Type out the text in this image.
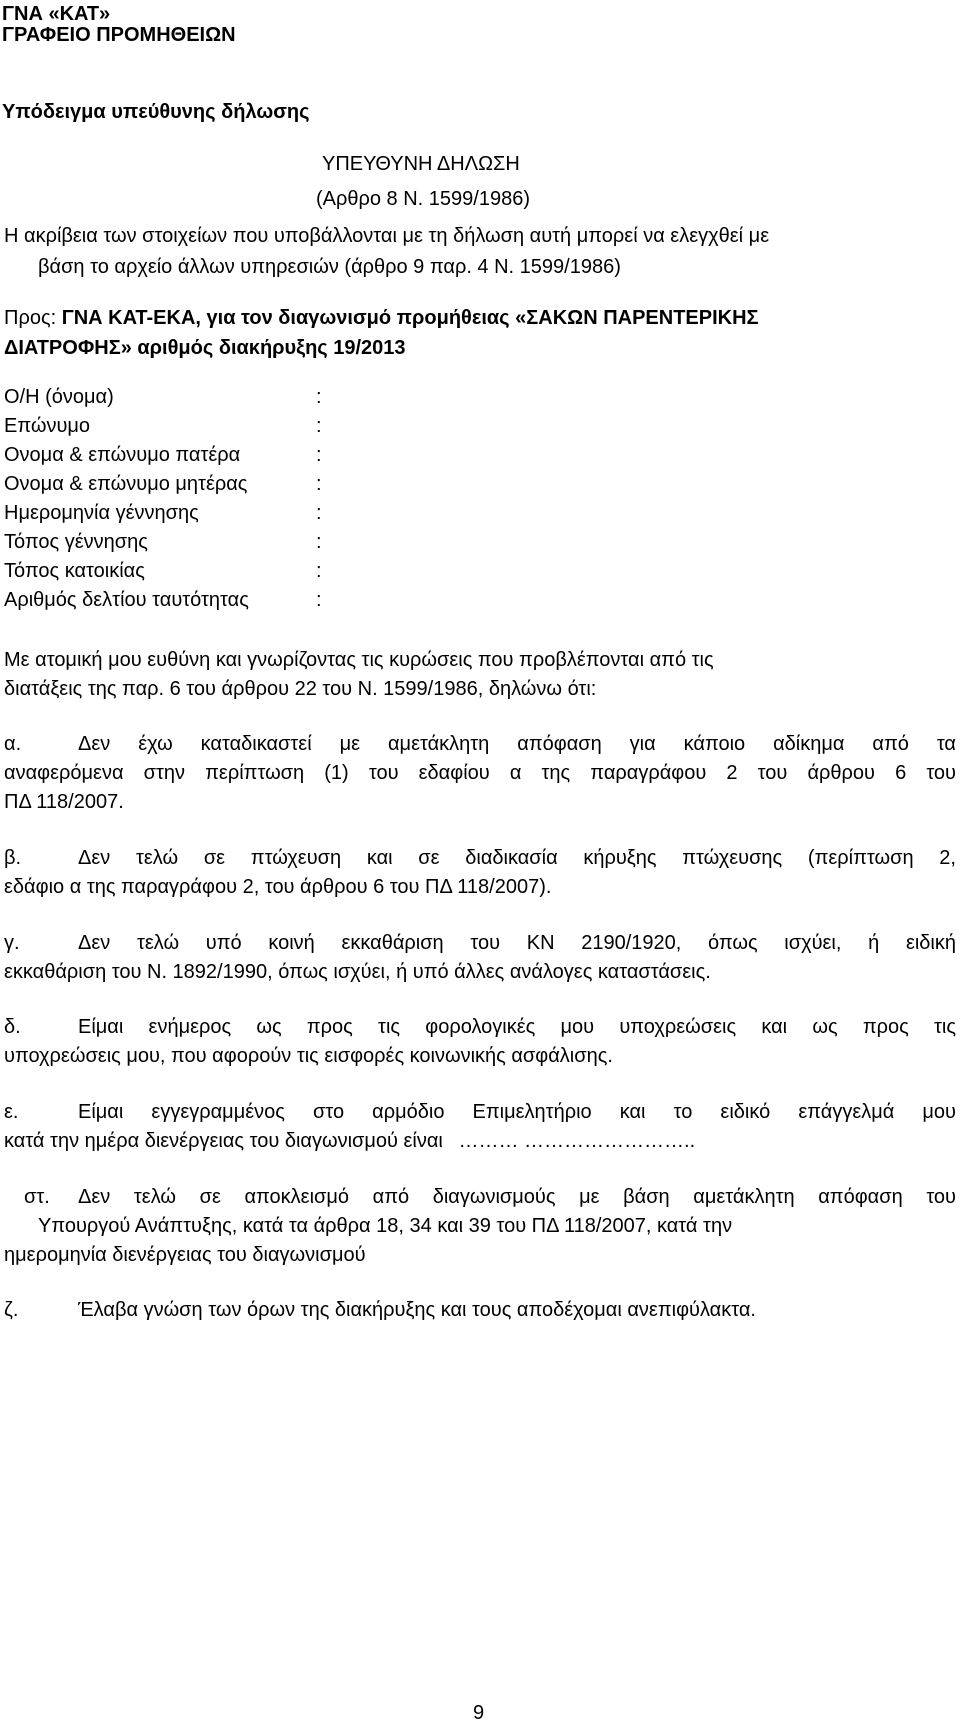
ΓΝΑ «ΚΑΤ»
ΓΡΑΦΕΙΟ ΠΡΟΜΗΘΕΙΩΝ
Υπόδειγμα υπεύθυνης δήλωσης
ΥΠΕΥΘΥΝΗ ΔΗΛΩΣΗ
(Αρθρο 8 Ν. 1599/1986)
Η ακρίβεια των στοιχείων που υποβάλλονται με τη δήλωση αυτή μπορεί να ελεγχθεί με
βάση το αρχείο άλλων υπηρεσιών (άρθρο 9 παρ. 4 Ν. 1599/1986)
Προς: ΓΝΑ ΚΑΤ-ΕΚΑ, για τον διαγωνισμό προμήθειας «ΣΑΚΩΝ ΠΑΡΕΝΤΕΡΙΚΗΣ
ΔΙΑΤΡΟΦΗΣ» αριθμός διακήρυξης 19/2013
Ο/Η (όνομα)	:
Επώνυμο	:
Ονομα & επώνυμο πατέρα	:
Ονομα & επώνυμο μητέρας	:
Ημερομηνία γέννησης	:
Τόπος γέννησης	:
Τόπος κατοικίας	:
Αριθμός δελτίου ταυτότητας	:
Με ατομική μου ευθύνη και γνωρίζοντας τις κυρώσεις που προβλέπονται από τις
διατάξεις της παρ. 6 του άρθρου 22 του Ν. 1599/1986, δηλώνω ότι:
α.	Δεν έχω καταδικαστεί με αμετάκλητη απόφαση για κάποιο αδίκημα από τα
αναφερόμενα στην περίπτωση (1) του εδαφίου α της παραγράφου 2 του άρθρου 6 του
ΠΔ 118/2007.
β.	Δεν τελώ σε πτώχευση και σε διαδικασία κήρυξης πτώχευσης (περίπτωση 2,
εδάφιο α της παραγράφου 2, του άρθρου 6 του ΠΔ 118/2007).
γ.	Δεν τελώ υπό κοινή εκκαθάριση του ΚΝ 2190/1920, όπως ισχύει, ή ειδική
εκκαθάριση του Ν. 1892/1990, όπως ισχύει, ή υπό άλλες ανάλογες καταστάσεις.
δ.	Είμαι ενήμερος ως προς τις φορολογικές μου υποχρεώσεις και ως προς τις
υποχρεώσεις μου, που αφορούν τις εισφορές κοινωνικής ασφάλισης.
ε.	Είμαι εγγεγραμμένος στο αρμόδιο Επιμελητήριο και το ειδικό επάγγελμά μου
κατά την ημέρα διενέργειας του διαγωνισμού είναι ……… ……………………..
στ. Δεν τελώ σε αποκλεισμό από διαγωνισμούς με βάση αμετάκλητη απόφαση του
Υπουργού Ανάπτυξης, κατά τα άρθρα 18, 34 και 39 του ΠΔ 118/2007, κατά την
ημερομηνία διενέργειας του διαγωνισμού
ζ.	Έλαβα γνώση των όρων της διακήρυξης και τους αποδέχομαι ανεπιφύλακτα.
9
